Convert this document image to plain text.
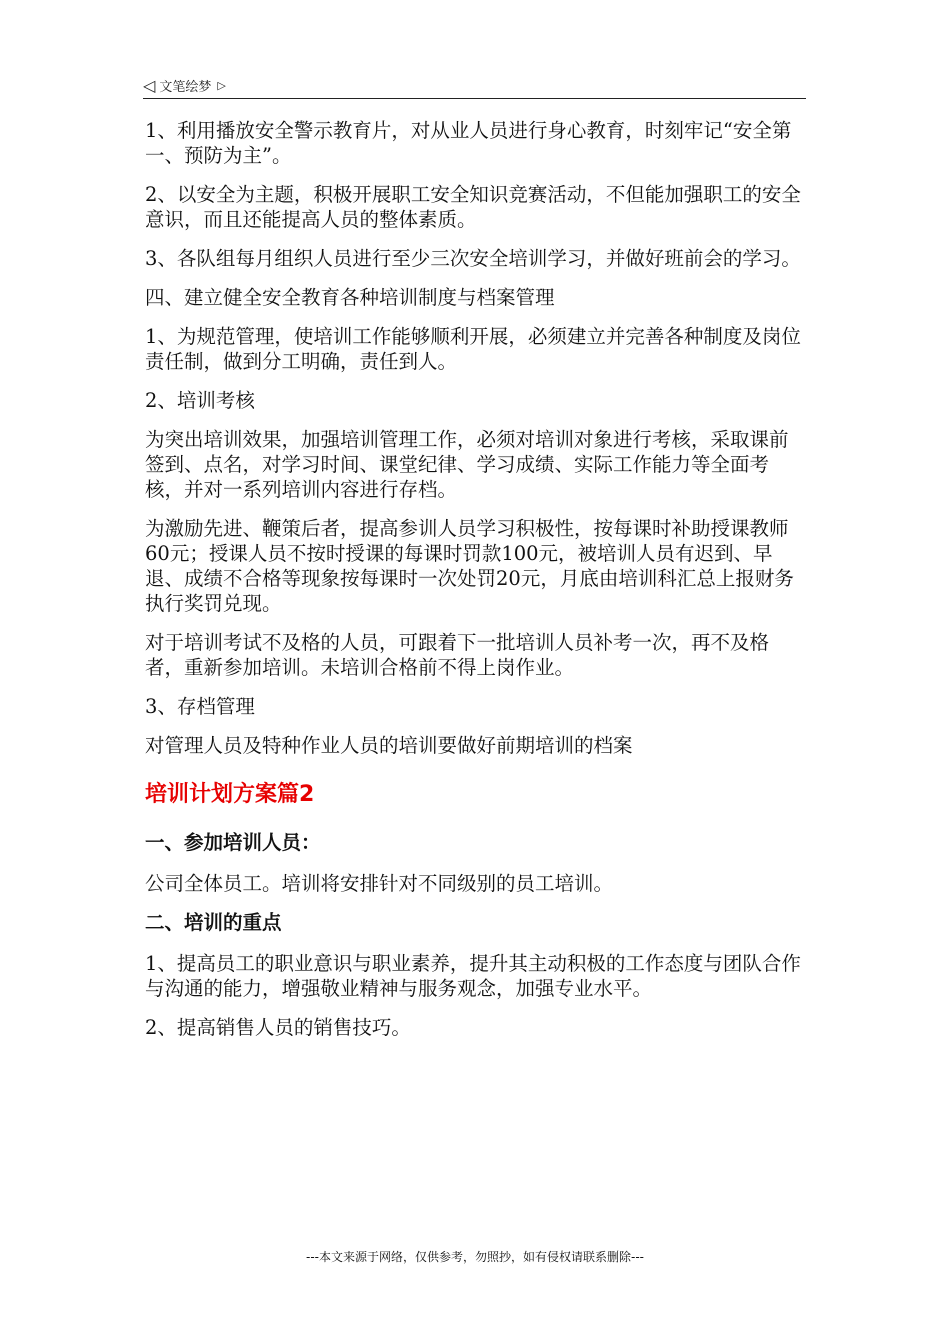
◁ 文笔绘梦 ▷

1、利用播放安全警示教育片，对从业人员进行身心教育，时刻牢记“安全第一、预防为主”。

2、以安全为主题，积极开展职工安全知识竞赛活动，不但能加强职工的安全意识，而且还能提高人员的整体素质。

3、各队组每月组织人员进行至少三次安全培训学习，并做好班前会的学习。

四、建立健全安全教育各种培训制度与档案管理

1、为规范管理，使培训工作能够顺利开展，必须建立并完善各种制度及岗位责任制，做到分工明确，责任到人。

2、培训考核

为突出培训效果，加强培训管理工作，必须对培训对象进行考核，采取课前签到、点名，对学习时间、课堂纪律、学习成绩、实际工作能力等全面考核，并对一系列培训内容进行存档。

为激励先进、鞭策后者，提高参训人员学习积极性，按每课时补助授课教师60元；授课人员不按时授课的每课时罚款100元，被培训人员有迟到、早退、成绩不合格等现象按每课时一次处罚20元，月底由培训科汇总上报财务执行奖罚兑现。

对于培训考试不及格的人员，可跟着下一批培训人员补考一次，再不及格者，重新参加培训。未培训合格前不得上岗作业。

3、存档管理

对管理人员及特种作业人员的培训要做好前期培训的档案

培训计划方案篇2

一、参加培训人员：

公司全体员工。培训将安排针对不同级别的员工培训。

二、培训的重点

1、提高员工的职业意识与职业素养，提升其主动积极的工作态度与团队合作与沟通的能力，增强敬业精神与服务观念，加强专业水平。

2、提高销售人员的销售技巧。

---本文来源于网络，仅供参考，勿照抄，如有侵权请联系删除---
